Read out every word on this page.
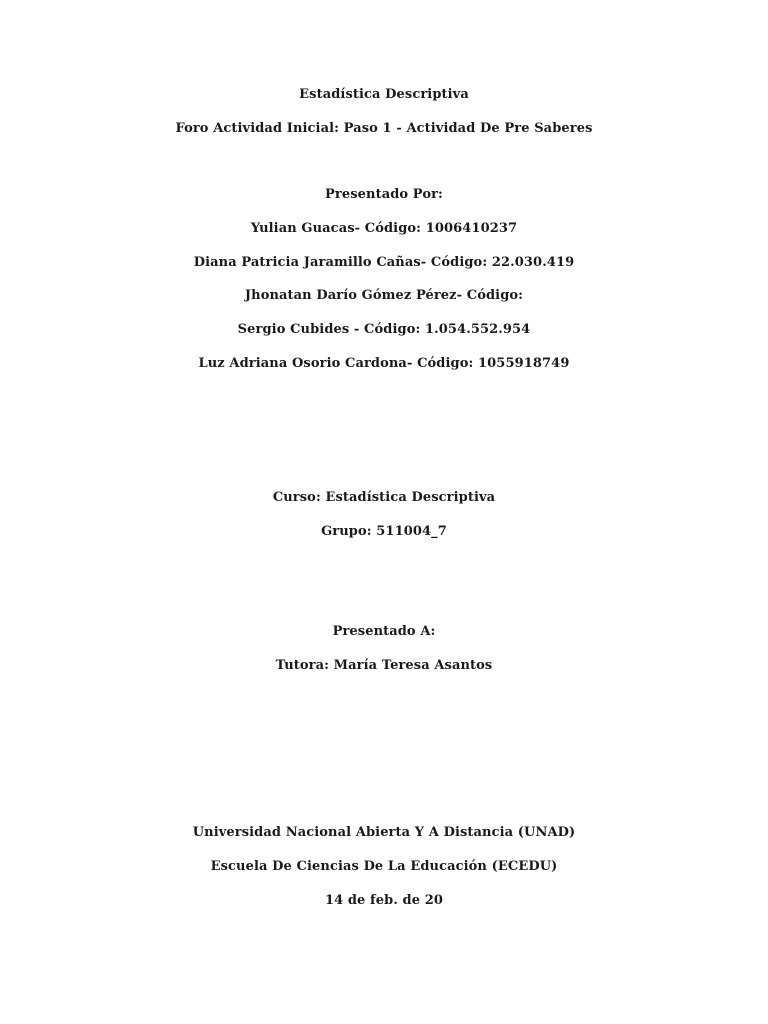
Estadística Descriptiva
Foro Actividad Inicial: Paso 1 - Actividad De Pre Saberes
Presentado Por:
Yulian Guacas- Código: 1006410237
Diana Patricia Jaramillo Cañas- Código: 22.030.419
Jhonatan Darío Gómez Pérez- Código:
Sergio Cubides - Código: 1.054.552.954
Luz Adriana Osorio Cardona- Código: 1055918749
Curso: Estadística Descriptiva
Grupo: 511004_7
Presentado A:
Tutora: María Teresa Asantos
Universidad Nacional Abierta Y A Distancia (UNAD)
Escuela De Ciencias De La Educación (ECEDU)
14 de feb. de 20
